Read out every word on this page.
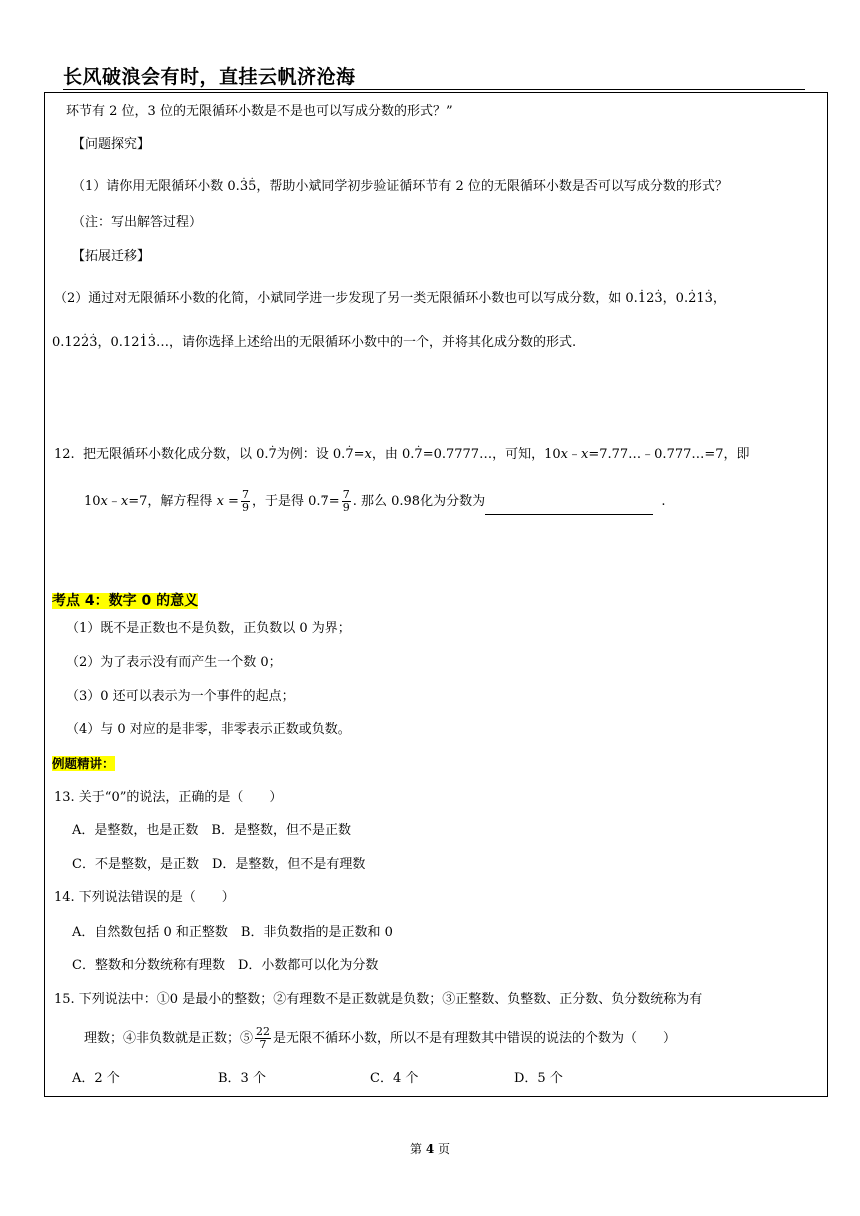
长风破浪会有时，直挂云帆济沧海
环节有 2 位，3 位的无限循环小数是不是也可以写成分数的形式？”
【问题探究】
（1）请你用无限循环小数 0.. 3. 5，帮助小斌同学初步验证循环节有 2 位的无限循环小数是否可以写成分数的形式？
（注：写出解答过程）
【拓展迁移】
（2）通过对无限循环小数的化简，小斌同学进一步发现了另一类无限循环小数也可以写成分数，如 0.. 12. 3，0.. 21. 3，
0.12. 2. 3，0.12. 1. 3…，请你选择上述给出的无限循环小数中的一个，并将其化成分数的形式.
12. 把无限循环小数化成分数，以 0.. 7为例：设 0.. 7=x，由 0.. 7=0.7777…，可知，10x﹣x=7.77…﹣0.777…=7，即
10x﹣x=7，解方程得 $x = \frac{7}{9}$ ，于是得 0.. $7= \frac{7}{9}$ . 那么 0.. 9. 8化为分数为	.
考点 4：数字 0 的意义
（1）既不是正数也不是负数，正负数以 0 为界；
（2）为了表示没有而产生一个数 0；
（3）0 还可以表示为一个事件的起点；
（4）与 0 对应的是非零，非零表示正数或负数。
例题精讲：
13. 关于“0”的说法，正确的是（　　）
A．是整数，也是正数　B．是整数，但不是正数
C．不是整数，是正数　D．是整数，但不是有理数
14. 下列说法错误的是（　　）
A．自然数包括 0 和正整数　B．非负数指的是正数和 0
C．整数和分数统称有理数　D．小数都可以化为分数
15. 下列说法中：①0 是最小的整数；②有理数不是正数就是负数；③正整数、负整数、正分数、负分数统称为有
理数；④非负数就是正数；⑤ $\frac{22}{7}$ 是无限不循环小数，所以不是有理数其中错误的说法的个数为（　　）
A．2 个	B．3 个	C．4 个	D．5 个
第 4 页
